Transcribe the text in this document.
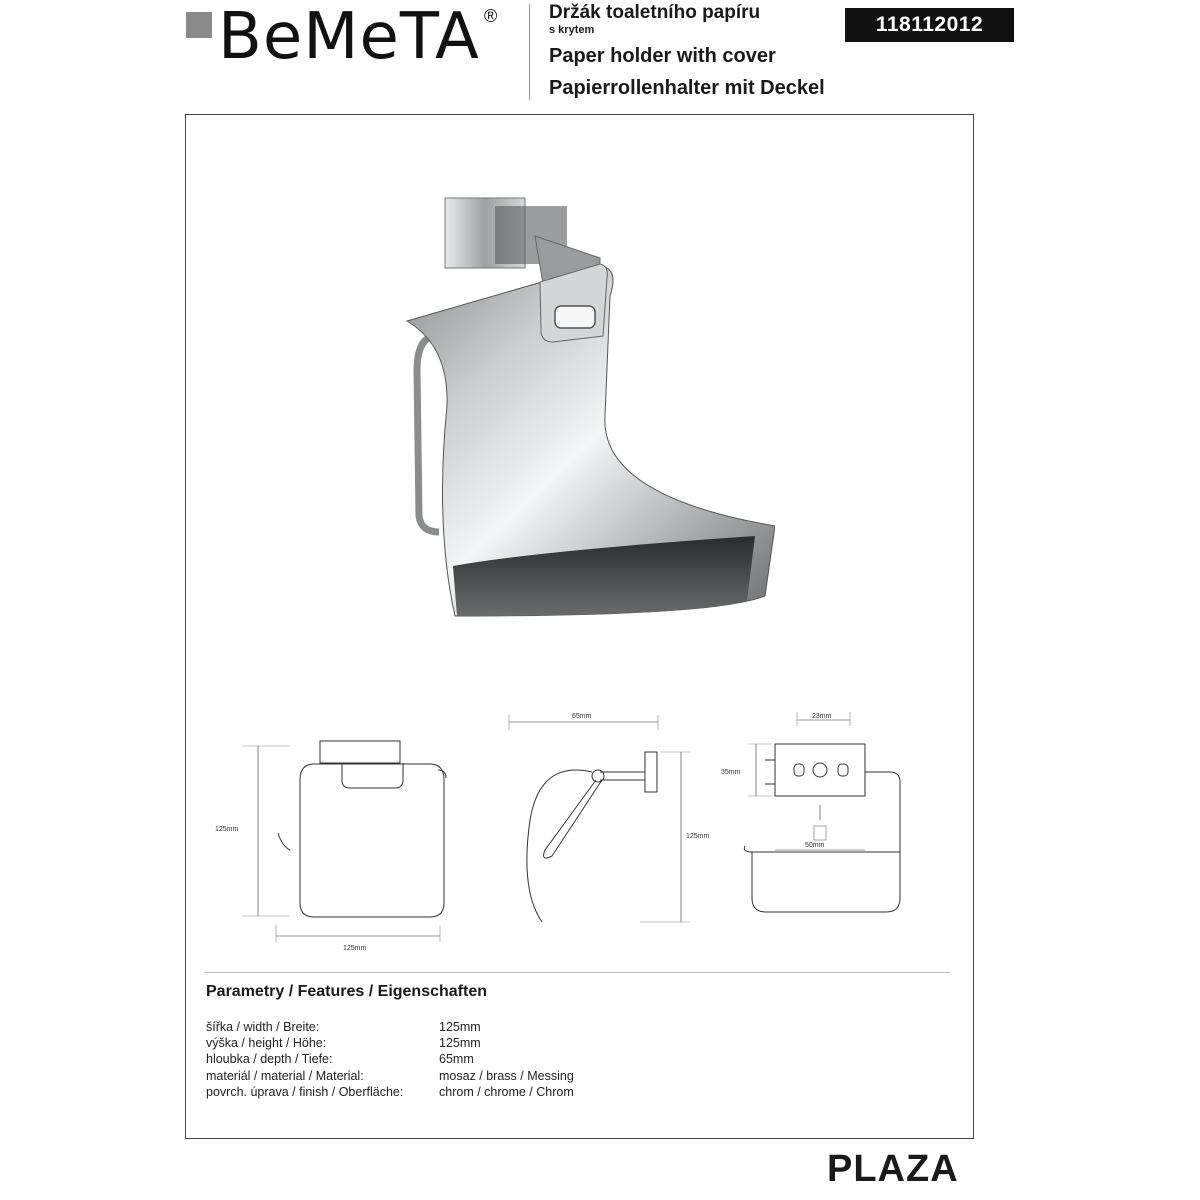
BeMeTA ®	Držák toaletního papíru
s krytem
Paper holder with cover
Papierrollenhalter mit Deckel
118112012
125mm
125mm
65mm
125mm
23mm
35mm
50mm
Parametry / Features / Eigenschaften
šířka / width / Breite:	125mm
výška / height / Höhe:	125mm
hloubka / depth / Tiefe:	65mm
materiál / material / Material:	mosaz / brass / Messing
povrch. úprava / finish / Oberfläche:	chrom / chrome / Chrom
PLAZA
